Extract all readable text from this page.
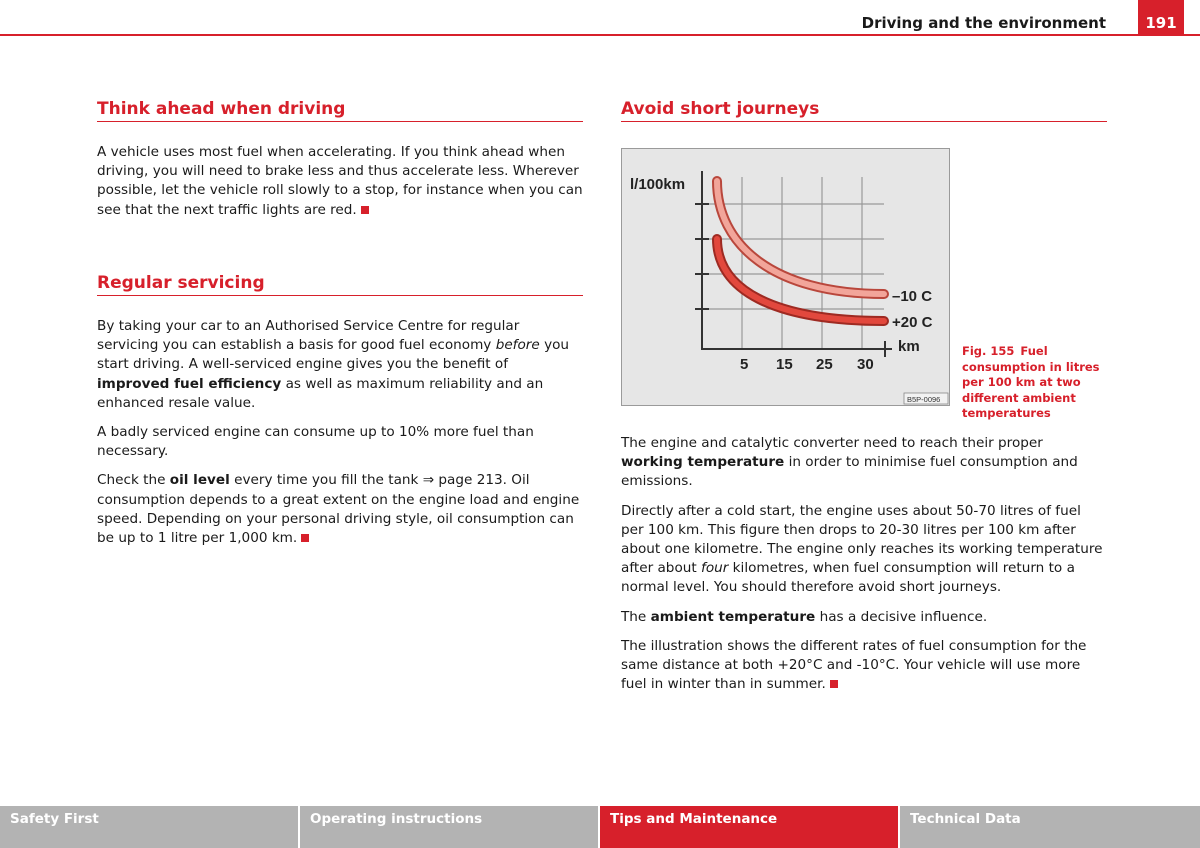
Driving and the environment	191
Think ahead when driving

A vehicle uses most fuel when accelerating. If you think ahead when driving, you will need to brake less and thus accelerate less. Wherever possible, let the vehicle roll slowly to a stop, for instance when you can see that the next traffic lights are red.

Regular servicing

By taking your car to an Authorised Service Centre for regular servicing you can establish a basis for good fuel economy before you start driving. A well-serviced engine gives you the benefit of improved fuel efficiency as well as maximum reliability and an enhanced resale value.

A badly serviced engine can consume up to 10% more fuel than necessary.

Check the oil level every time you fill the tank ⇒ page 213. Oil consumption depends to a great extent on the engine load and engine speed. Depending on your personal driving style, oil consumption can be up to 1 litre per 1,000 km.

Avoid short journeys
l/100km
–10 C
+20 C
km
5 15 25 30
B5P-0096
Fig. 155 Fuel consumption in litres per 100 km at two different ambient temperatures

The engine and catalytic converter need to reach their proper working temperature in order to minimise fuel consumption and emissions.

Directly after a cold start, the engine uses about 50-70 litres of fuel per 100 km. This figure then drops to 20-30 litres per 100 km after about one kilometre. The engine only reaches its working temperature after about four kilometres, when fuel consumption will return to a normal level. You should therefore avoid short journeys.

The ambient temperature has a decisive influence.

The illustration shows the different rates of fuel consumption for the same distance at both +20°C and -10°C. Your vehicle will use more fuel in winter than in summer.

Safety First	Operating instructions	Tips and Maintenance	Technical Data
